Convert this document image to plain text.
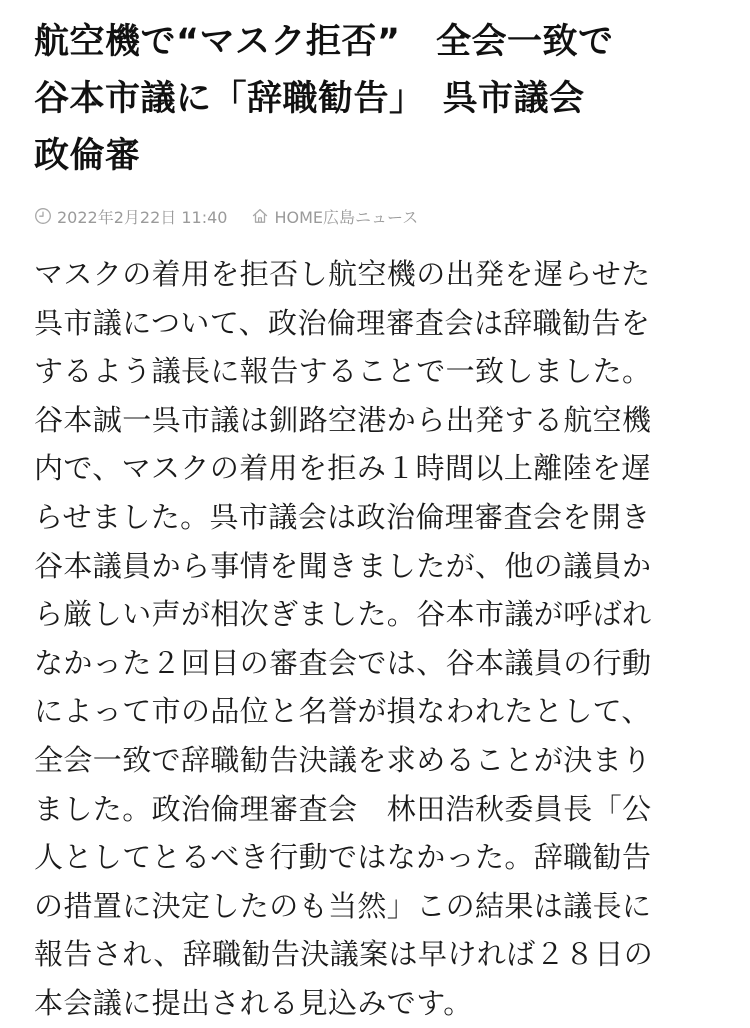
航空機で“マスク拒否”　全会一致で
谷本市議に「辞職勧告」　呉市議会
政倫審
2022年2月22日 11:40	HOME広島ニュース
マスクの着用を拒否し航空機の出発を遅らせた
呉市議について、政治倫理審査会は辞職勧告を
するよう議長に報告することで一致しました。
谷本誠一呉市議は釧路空港から出発する航空機
内で、マスクの着用を拒み１時間以上離陸を遅
らせました。呉市議会は政治倫理審査会を開き
谷本議員から事情を聞きましたが、他の議員か
ら厳しい声が相次ぎました。谷本市議が呼ばれ
なかった２回目の審査会では、谷本議員の行動
によって市の品位と名誉が損なわれたとして、
全会一致で辞職勧告決議を求めることが決まり
ました。政治倫理審査会　林田浩秋委員長「公
人としてとるべき行動ではなかった。辞職勧告
の措置に決定したのも当然」この結果は議長に
報告され、辞職勧告決議案は早ければ２８日の
本会議に提出される見込みです。
